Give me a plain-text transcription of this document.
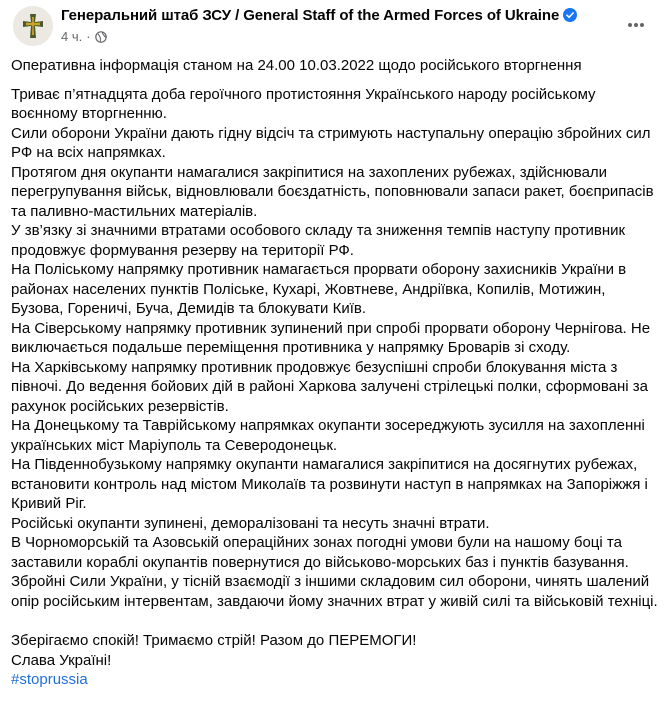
Генеральний штаб ЗСУ / General Staff of the Armed Forces of Ukraine
4 ч. ·

Оперативна інформація станом на 24.00 10.03.2022 щодо російського вторгнення

Триває п’ятнадцята доба героїчного протистояння Українського народу російському воєнному вторгненню.

Сили оборони України дають гідну відсіч та стримують наступальну операцію збройних сил РФ на всіх напрямках.

Протягом дня окупанти намагалися закріпитися на захоплених рубежах, здійснювали перегрупування військ, відновлювали боєздатність, поповнювали запаси ракет, боєприпасів та паливно-мастильних матеріалів.

У зв’язку зі значними втратами особового складу та зниження темпів наступу противник продовжує формування резерву на території РФ.

На Поліському напрямку противник намагається прорвати оборону захисників України в районах населених пунктів Поліське, Кухарі, Жовтневе, Андріївка, Копилів, Мотижин, Бузова, Гореничі, Буча, Демидів та блокувати Київ.

На Сіверському напрямку противник зупинений при спробі прорвати оборону Чернігова. Не виключається подальше переміщення противника у напрямку Броварів зі сходу.

На Харківському напрямку противник продовжує безуспішні спроби блокування міста з півночі. До ведення бойових дій в районі Харкова залучені стрілецькі полки, сформовані за рахунок російських резервістів.

На Донецькому та Таврійському напрямках окупанти зосереджують зусилля на захопленні українських міст Маріуполь та Северодонецьк.

На Південнобузькому напрямку окупанти намагалися закріпитися на досягнутих рубежах, встановити контроль над містом Миколаїв та розвинути наступ в напрямках на Запоріжжя і Кривий Ріг.

Російські окупанти зупинені, деморалізовані та несуть значні втрати.

В Чорноморській та Азовській операційних зонах погодні умови були на нашому боці та заставили кораблі окупантів повернутися до військово-морських баз і пунктів базування.

Збройні Сили України, у тісній взаємодії з іншими складовим сил оборони, чинять шалений опір російським інтервентам, завдаючи йому значних втрат у живій силі та військовій техніці.

Зберігаємо спокій! Тримаємо стрій! Разом до ПЕРЕМОГИ!

Слава Україні!

#stoprussia
